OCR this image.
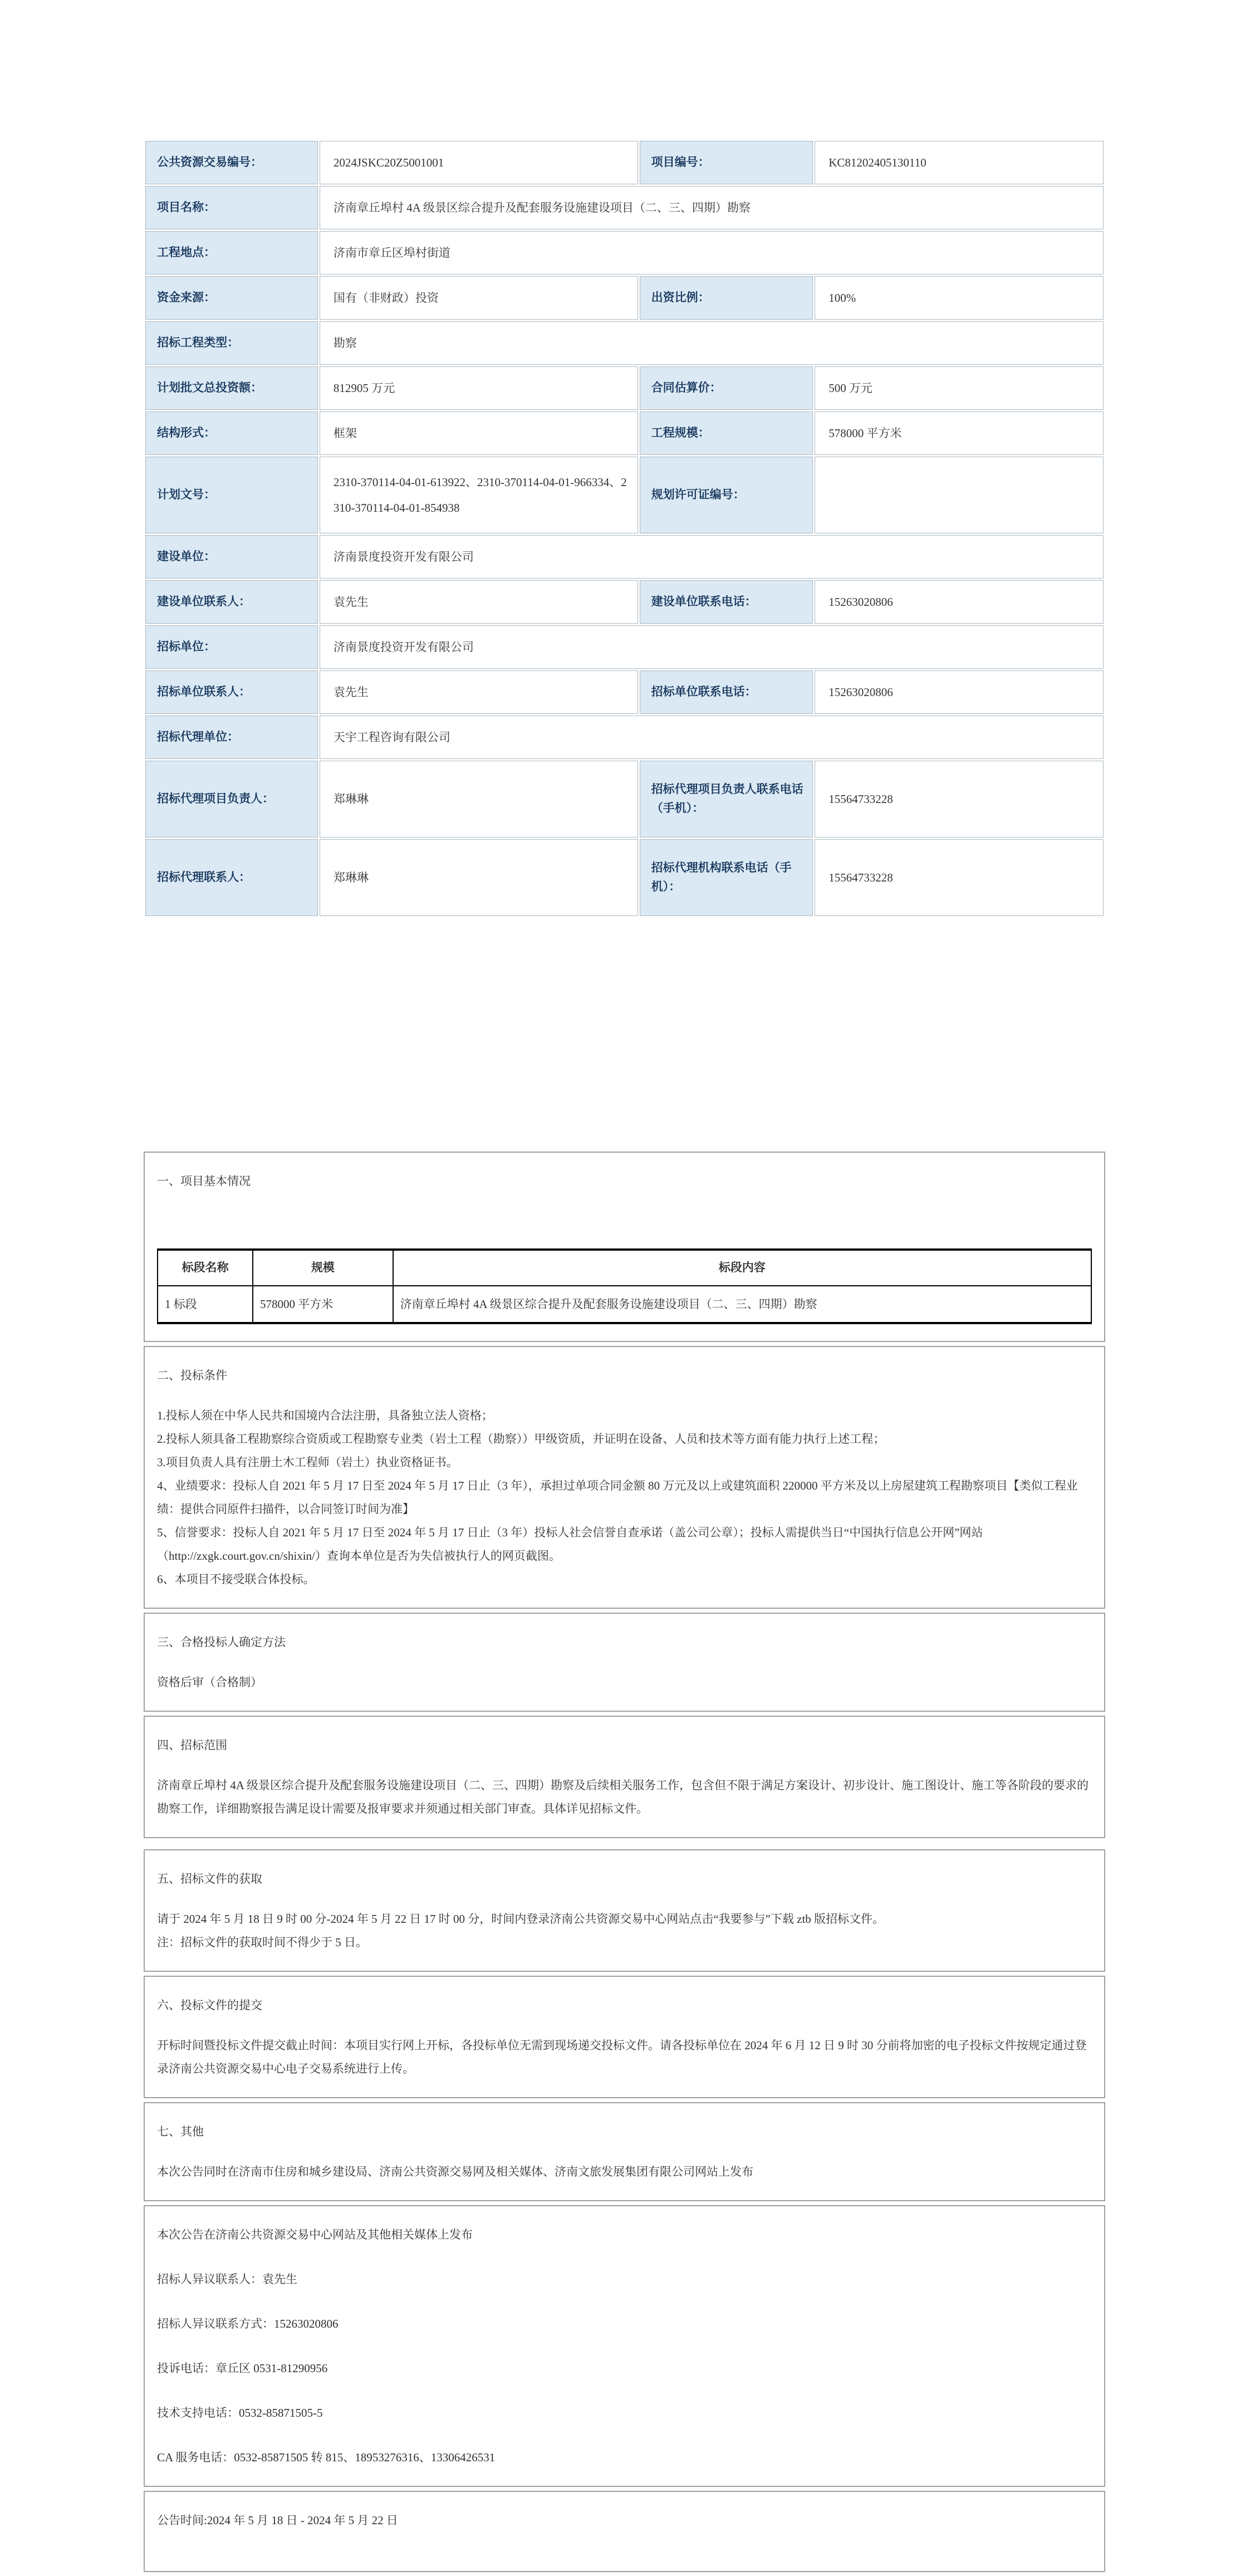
公共资源交易编号：	2024JSKC20Z5001001	项目编号：	KC81202405130110
项目名称：	济南章丘埠村 4A 级景区综合提升及配套服务设施建设项目（二、三、四期）勘察		
工程地点：	济南市章丘区埠村街道		
资金来源：	国有（非财政）投资	出资比例：	100%
招标工程类型：	勘察		
计划批文总投资额：	812905 万元	合同估算价：	500 万元
结构形式：	框架	工程规模：	578000 平方米
计划文号：	2310-370114-04-01-613922、2310-370114-04-01-966334、2310-370114-04-01-854938	规划许可证编号：	
建设单位：	济南景度投资开发有限公司		
建设单位联系人：	袁先生	建设单位联系电话：	15263020806
招标单位：	济南景度投资开发有限公司		
招标单位联系人：	袁先生	招标单位联系电话：	15263020806
招标代理单位：	天宇工程咨询有限公司		
招标代理项目负责人：	郑琳琳	招标代理项目负责人联系电话（手机）：	15564733228
招标代理联系人：	郑琳琳	招标代理机构联系电话（手机）：	15564733228

一、项目基本情况

标段名称	规模	标段内容
1 标段	578000 平方米	济南章丘埠村 4A 级景区综合提升及配套服务设施建设项目（二、三、四期）勘察

二、投标条件

1.投标人须在中华人民共和国境内合法注册，具备独立法人资格；

2.投标人须具备工程勘察综合资质或工程勘察专业类（岩土工程（勘察））甲级资质，并证明在设备、人员和技术等方面有能力执行上述工程；

3.项目负责人具有注册土木工程师（岩土）执业资格证书。

4、业绩要求：投标人自 2021 年 5 月 17 日至 2024 年 5 月 17 日止（3 年），承担过单项合同金额 80 万元及以上或建筑面积 220000 平方米及以上房屋建筑工程勘察项目【类似工程业绩：提供合同原件扫描件，以合同签订时间为准】

5、信誉要求：投标人自 2021 年 5 月 17 日至 2024 年 5 月 17 日止（3 年）投标人社会信誉自查承诺（盖公司公章）；投标人需提供当日“中国执行信息公开网”网站（http://zxgk.court.gov.cn/shixin/）查询本单位是否为失信被执行人的网页截图。

6、本项目不接受联合体投标。

三、合格投标人确定方法

资格后审（合格制）

四、招标范围

济南章丘埠村 4A 级景区综合提升及配套服务设施建设项目（二、三、四期）勘察及后续相关服务工作，包含但不限于满足方案设计、初步设计、施工图设计、施工等各阶段的要求的勘察工作，详细勘察报告满足设计需要及报审要求并须通过相关部门审查。具体详见招标文件。

五、招标文件的获取

请于 2024 年 5 月 18 日 9 时 00 分-2024 年 5 月 22 日 17 时 00 分，时间内登录济南公共资源交易中心网站点击“我要参与”下载 ztb 版招标文件。

注：招标文件的获取时间不得少于 5 日。

六、投标文件的提交

开标时间暨投标文件提交截止时间：本项目实行网上开标，各投标单位无需到现场递交投标文件。请各投标单位在 2024 年 6 月 12 日 9 时 30 分前将加密的电子投标文件按规定通过登录济南公共资源交易中心电子交易系统进行上传。

七、其他

本次公告同时在济南市住房和城乡建设局、济南公共资源交易网及相关媒体、济南文旅发展集团有限公司网站上发布

本次公告在济南公共资源交易中心网站及其他相关媒体上发布

招标人异议联系人：袁先生

招标人异议联系方式：15263020806

投诉电话：章丘区 0531-81290956

技术支持电话：0532-85871505-5

CA 服务电话：0532-85871505 转 815、18953276316、13306426531

公告时间:2024 年 5 月 18 日 - 2024 年 5 月 22 日
